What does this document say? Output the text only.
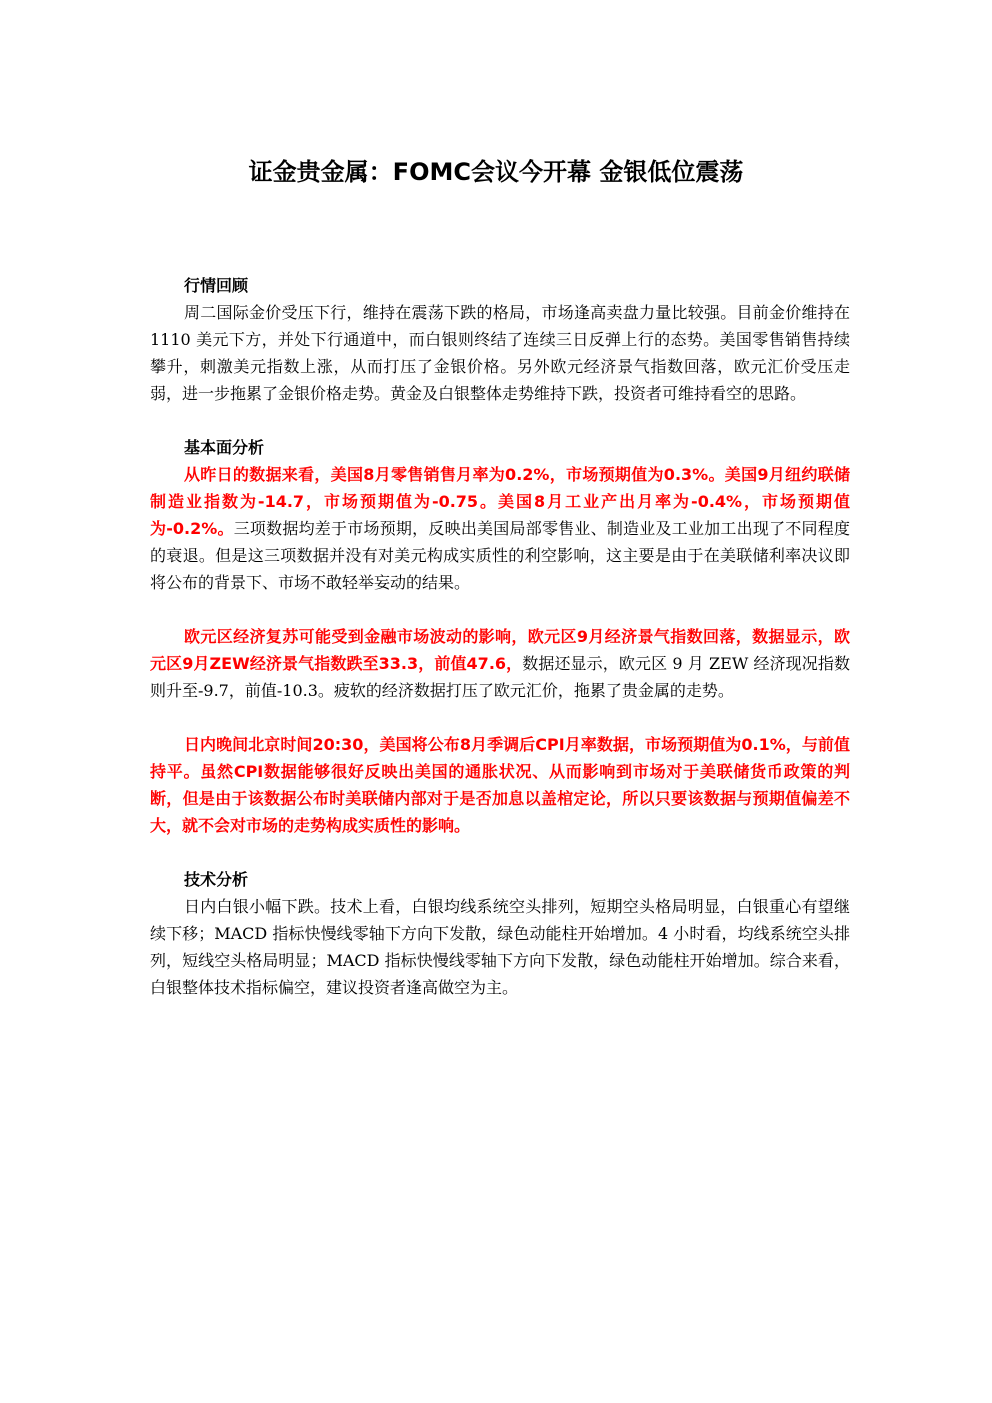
证金贵金属：FOMC会议今开幕 金银低位震荡

行情回顾

周二国际金价受压下行，维持在震荡下跌的格局，市场逢高卖盘力量比较强。目前金价维持在 1110 美元下方，并处下行通道中，而白银则终结了连续三日反弹上行的态势。美国零售销售持续攀升，刺激美元指数上涨，从而打压了金银价格。另外欧元经济景气指数回落，欧元汇价受压走弱，进一步拖累了金银价格走势。黄金及白银整体走势维持下跌，投资者可维持看空的思路。

基本面分析

从昨日的数据来看，美国8月零售销售月率为0.2%，市场预期值为0.3%。美国9月纽约联储制造业指数为-14.7，市场预期值为-0.75。美国8月工业产出月率为-0.4%，市场预期值为-0.2%。三项数据均差于市场预期，反映出美国局部零售业、制造业及工业加工出现了不同程度的衰退。但是这三项数据并没有对美元构成实质性的利空影响，这主要是由于在美联储利率决议即将公布的背景下、市场不敢轻举妄动的结果。

欧元区经济复苏可能受到金融市场波动的影响，欧元区9月经济景气指数回落，数据显示，欧元区9月ZEW经济景气指数跌至33.3，前值47.6，数据还显示，欧元区 9 月 ZEW 经济现况指数则升至-9.7，前值-10.3。疲软的经济数据打压了欧元汇价，拖累了贵金属的走势。

日内晚间北京时间20:30，美国将公布8月季调后CPI月率数据，市场预期值为0.1%，与前值持平。虽然CPI数据能够很好反映出美国的通胀状况、从而影响到市场对于美联储货币政策的判断，但是由于该数据公布时美联储内部对于是否加息以盖棺定论，所以只要该数据与预期值偏差不大，就不会对市场的走势构成实质性的影响。

技术分析

日内白银小幅下跌。技术上看，白银均线系统空头排列，短期空头格局明显，白银重心有望继续下移；MACD 指标快慢线零轴下方向下发散，绿色动能柱开始增加。4 小时看，均线系统空头排列，短线空头格局明显；MACD 指标快慢线零轴下方向下发散，绿色动能柱开始增加。综合来看，白银整体技术指标偏空，建议投资者逢高做空为主。
